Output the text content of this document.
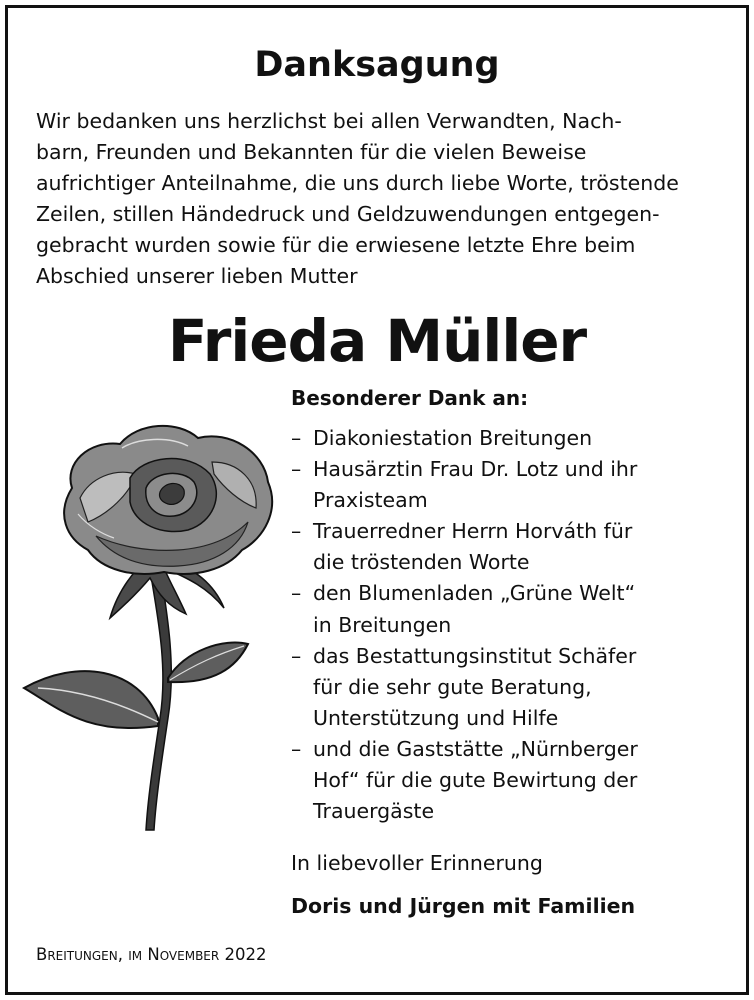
Danksagung
Wir bedanken uns herzlichst bei allen Verwandten, Nach-
barn, Freunden und Bekannten für die vielen Beweise
aufrichtiger Anteilnahme, die uns durch liebe Worte, tröstende
Zeilen, stillen Händedruck und Geldzuwendungen entgegen-
gebracht wurden sowie für die erwiesene letzte Ehre beim
Abschied unserer lieben Mutter
Frieda Müller
Besonderer Dank an:
– Diakoniestation Breitungen
– Hausärztin Frau Dr. Lotz und ihr
Praxisteam
– Trauerredner Herrn Horváth für
die tröstenden Worte
– den Blumenladen „Grüne Welt“
in Breitungen
– das Bestattungsinstitut Schäfer
für die sehr gute Beratung,
Unterstützung und Hilfe
– und die Gaststätte „Nürnberger
Hof“ für die gute Bewirtung der
Trauergäste
In liebevoller Erinnerung
Doris und Jürgen mit Familien
Breitungen, im November 2022
